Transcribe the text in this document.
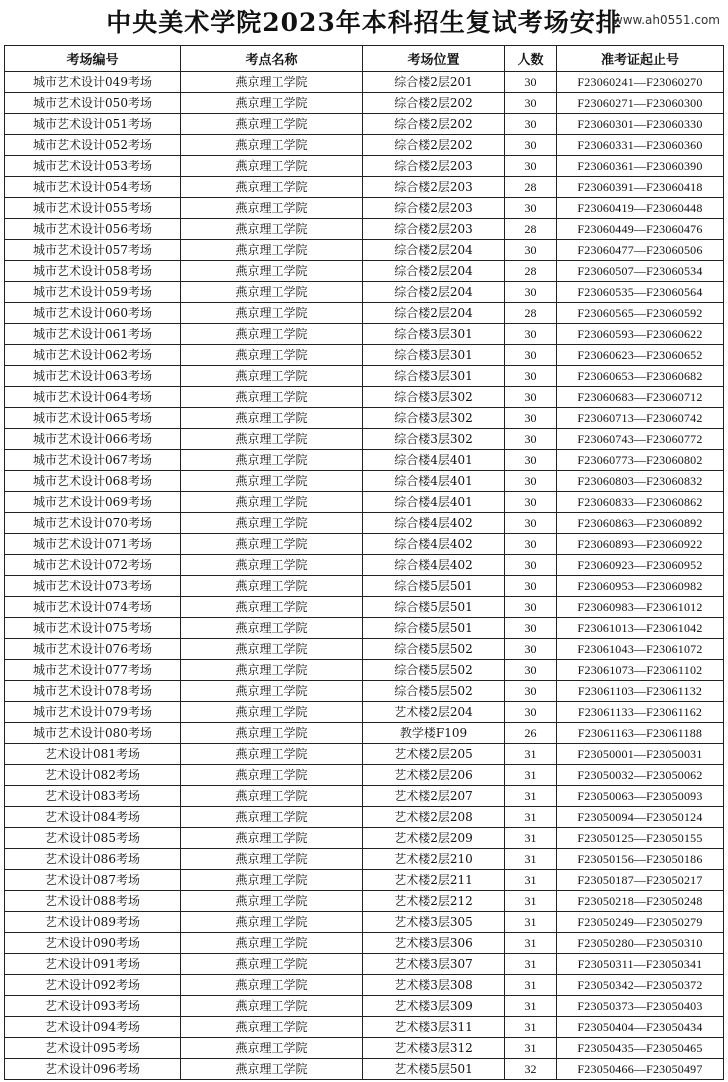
中央美术学院2023年本科招生复试考场安排
www.ah0551.com
考场编号	考点名称	考场位置	人数	准考证起止号
城市艺术设计049考场	燕京理工学院	综合楼2层201	30	F23060241—F23060270
城市艺术设计050考场	燕京理工学院	综合楼2层202	30	F23060271—F23060300
城市艺术设计051考场	燕京理工学院	综合楼2层202	30	F23060301—F23060330
城市艺术设计052考场	燕京理工学院	综合楼2层202	30	F23060331—F23060360
城市艺术设计053考场	燕京理工学院	综合楼2层203	30	F23060361—F23060390
城市艺术设计054考场	燕京理工学院	综合楼2层203	28	F23060391—F23060418
城市艺术设计055考场	燕京理工学院	综合楼2层203	30	F23060419—F23060448
城市艺术设计056考场	燕京理工学院	综合楼2层203	28	F23060449—F23060476
城市艺术设计057考场	燕京理工学院	综合楼2层204	30	F23060477—F23060506
城市艺术设计058考场	燕京理工学院	综合楼2层204	28	F23060507—F23060534
城市艺术设计059考场	燕京理工学院	综合楼2层204	30	F23060535—F23060564
城市艺术设计060考场	燕京理工学院	综合楼2层204	28	F23060565—F23060592
城市艺术设计061考场	燕京理工学院	综合楼3层301	30	F23060593—F23060622
城市艺术设计062考场	燕京理工学院	综合楼3层301	30	F23060623—F23060652
城市艺术设计063考场	燕京理工学院	综合楼3层301	30	F23060653—F23060682
城市艺术设计064考场	燕京理工学院	综合楼3层302	30	F23060683—F23060712
城市艺术设计065考场	燕京理工学院	综合楼3层302	30	F23060713—F23060742
城市艺术设计066考场	燕京理工学院	综合楼3层302	30	F23060743—F23060772
城市艺术设计067考场	燕京理工学院	综合楼4层401	30	F23060773—F23060802
城市艺术设计068考场	燕京理工学院	综合楼4层401	30	F23060803—F23060832
城市艺术设计069考场	燕京理工学院	综合楼4层401	30	F23060833—F23060862
城市艺术设计070考场	燕京理工学院	综合楼4层402	30	F23060863—F23060892
城市艺术设计071考场	燕京理工学院	综合楼4层402	30	F23060893—F23060922
城市艺术设计072考场	燕京理工学院	综合楼4层402	30	F23060923—F23060952
城市艺术设计073考场	燕京理工学院	综合楼5层501	30	F23060953—F23060982
城市艺术设计074考场	燕京理工学院	综合楼5层501	30	F23060983—F23061012
城市艺术设计075考场	燕京理工学院	综合楼5层501	30	F23061013—F23061042
城市艺术设计076考场	燕京理工学院	综合楼5层502	30	F23061043—F23061072
城市艺术设计077考场	燕京理工学院	综合楼5层502	30	F23061073—F23061102
城市艺术设计078考场	燕京理工学院	综合楼5层502	30	F23061103—F23061132
城市艺术设计079考场	燕京理工学院	艺术楼2层204	30	F23061133—F23061162
城市艺术设计080考场	燕京理工学院	教学楼F109	26	F23061163—F23061188
艺术设计081考场	燕京理工学院	艺术楼2层205	31	F23050001—F23050031
艺术设计082考场	燕京理工学院	艺术楼2层206	31	F23050032—F23050062
艺术设计083考场	燕京理工学院	艺术楼2层207	31	F23050063—F23050093
艺术设计084考场	燕京理工学院	艺术楼2层208	31	F23050094—F23050124
艺术设计085考场	燕京理工学院	艺术楼2层209	31	F23050125—F23050155
艺术设计086考场	燕京理工学院	艺术楼2层210	31	F23050156—F23050186
艺术设计087考场	燕京理工学院	艺术楼2层211	31	F23050187—F23050217
艺术设计088考场	燕京理工学院	艺术楼2层212	31	F23050218—F23050248
艺术设计089考场	燕京理工学院	艺术楼3层305	31	F23050249—F23050279
艺术设计090考场	燕京理工学院	艺术楼3层306	31	F23050280—F23050310
艺术设计091考场	燕京理工学院	艺术楼3层307	31	F23050311—F23050341
艺术设计092考场	燕京理工学院	艺术楼3层308	31	F23050342—F23050372
艺术设计093考场	燕京理工学院	艺术楼3层309	31	F23050373—F23050403
艺术设计094考场	燕京理工学院	艺术楼3层311	31	F23050404—F23050434
艺术设计095考场	燕京理工学院	艺术楼3层312	31	F23050435—F23050465
艺术设计096考场	燕京理工学院	艺术楼5层501	32	F23050466—F23050497
